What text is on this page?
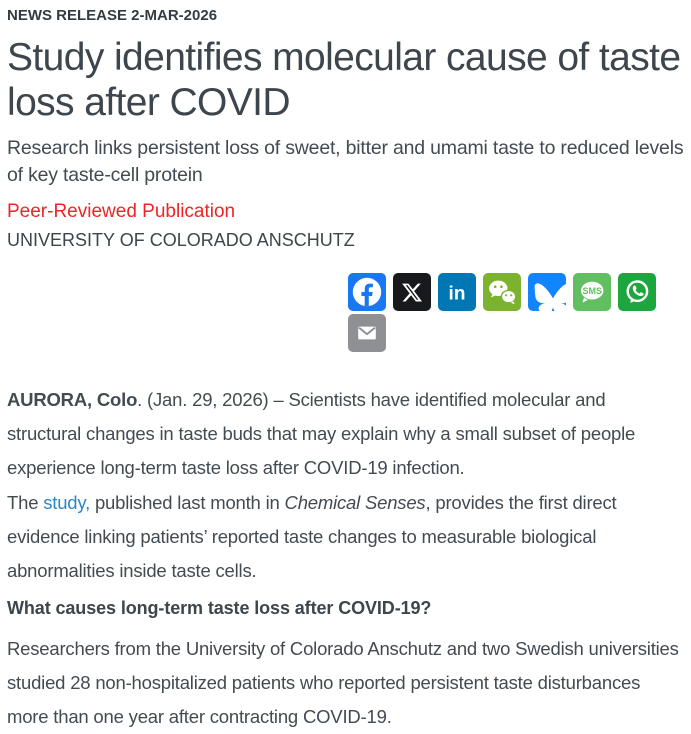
NEWS RELEASE 2-MAR-2026
Study identifies molecular cause of taste loss after COVID
Research links persistent loss of sweet, bitter and umami taste to reduced levels of key taste-cell protein
Peer-Reviewed Publication
UNIVERSITY OF COLORADO ANSCHUTZ
in	SMS

AURORA, Colo. (Jan. 29, 2026) – Scientists have identified molecular and structural changes in taste buds that may explain why a small subset of people experience long-term taste loss after COVID-19 infection.

The study, published last month in Chemical Senses, provides the first direct evidence linking patients’ reported taste changes to measurable biological abnormalities inside taste cells.

What causes long-term taste loss after COVID-19?

Researchers from the University of Colorado Anschutz and two Swedish universities studied 28 non-hospitalized patients who reported persistent taste disturbances more than one year after contracting COVID-19.
